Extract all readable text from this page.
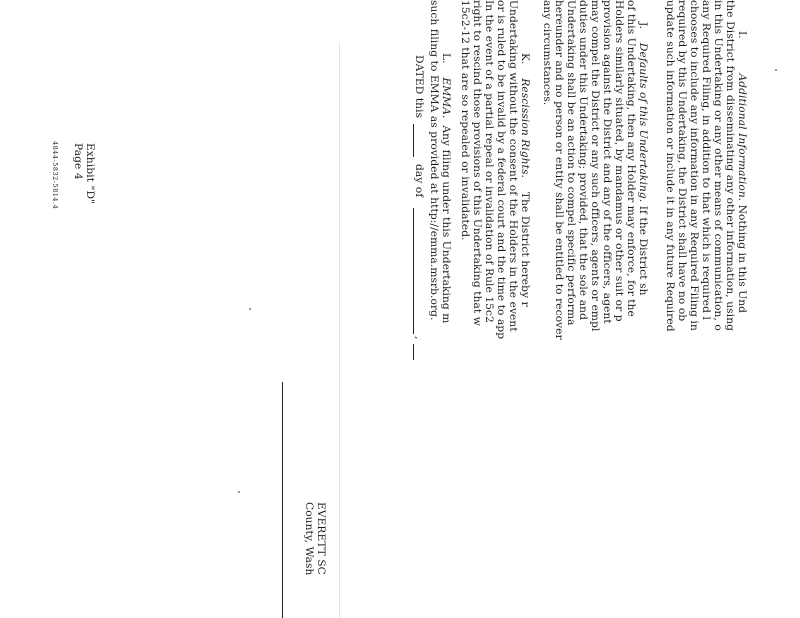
I.          Additional Information. Nothing in this Und
the District from disseminating any other information, using
in this Undertaking or any other means of communication, o
any Required Filing, in addition to that which is required l
chooses to include any information in any Required Filing in
required by this Undertaking, the District shall have no ob
update such information or include it in any future Required
J.    Defaults of this Undertaking. If the District sh
of this Undertaking, then any Holder may enforce, for the
Holders similarly situated, by mandamus or other suit or p
provision against the District and any of the officers, agent
may compel the District or any such officers, agents or empl
duties under this Undertaking; provided, that the sole and
Undertaking shall be an action to compel specific performa
hereunder and no person or entity shall be entitled to recover
any circumstances.
K.    Rescission Rights.    The District hereby r
Undertaking without the consent of the Holders in the event
or is ruled to be invalid by a federal court and the time to app
In the event of a partial repeal or invalidation of Rule 15c2
right to rescind those provisions of this Undertaking that w
15c2-12 that are so repealed or invalidated.
L.    EMMA.  Any filing under this Undertaking m
such filing to EMMA as provided at http://emma.msrb.org.
DATED this
day of
,
EVERETT SC
County, Wash
Exhibit "D"
Page 4
4844-5832-5814.4
